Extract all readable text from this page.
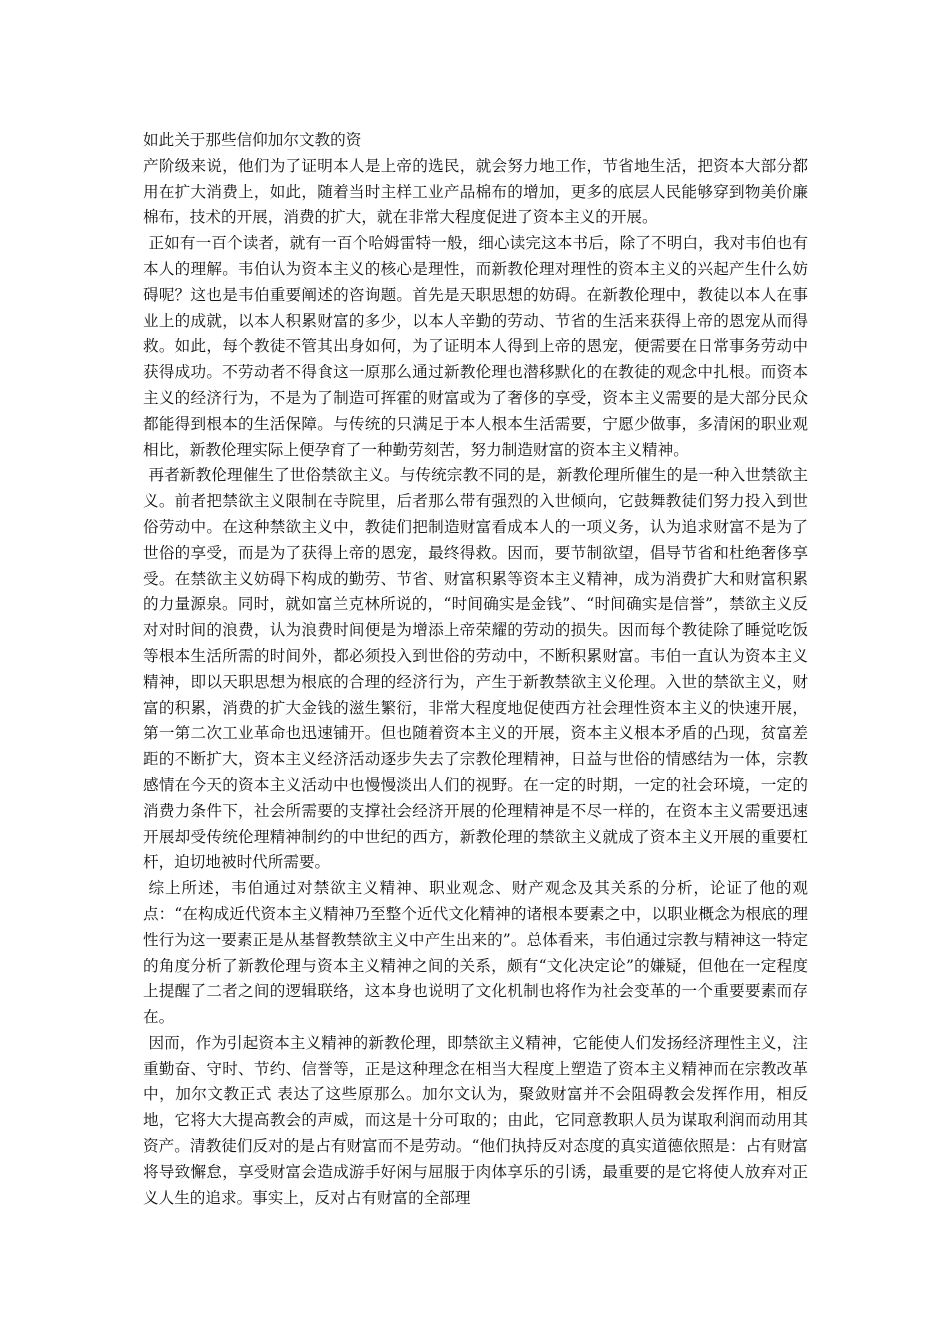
如此关于那些信仰加尔文教的资
产阶级来说，他们为了证明本人是上帝的选民，就会努力地工作，节省地生活，把资本大部分都用在扩大消费上，如此，随着当时主样工业产品棉布的增加，更多的底层人民能够穿到物美价廉棉布，技术的开展，消费的扩大，就在非常大程度促进了资本主义的开展。
正如有一百个读者，就有一百个哈姆雷特一般，细心读完这本书后，除了不明白，我对韦伯也有本人的理解。韦伯认为资本主义的核心是理性，而新教伦理对理性的资本主义的兴起产生什么妨碍呢？这也是韦伯重要阐述的咨询题。首先是天职思想的妨碍。在新教伦理中，教徒以本人在事业上的成就，以本人积累财富的多少，以本人辛勤的劳动、节省的生活来获得上帝的恩宠从而得救。如此，每个教徒不管其出身如何，为了证明本人得到上帝的恩宠，便需要在日常事务劳动中获得成功。不劳动者不得食这一原那么通过新教伦理也潜移默化的在教徒的观念中扎根。而资本主义的经济行为，不是为了制造可挥霍的财富或为了奢侈的享受，资本主义需要的是大部分民众都能得到根本的生活保障。与传统的只满足于本人根本生活需要，宁愿少做事，多清闲的职业观相比，新教伦理实际上便孕育了一种勤劳刻苦，努力制造财富的资本主义精神。
再者新教伦理催生了世俗禁欲主义。与传统宗教不同的是，新教伦理所催生的是一种入世禁欲主义。前者把禁欲主义限制在寺院里，后者那么带有强烈的入世倾向，它鼓舞教徒们努力投入到世俗劳动中。在这种禁欲主义中，教徒们把制造财富看成本人的一项义务，认为追求财富不是为了世俗的享受，而是为了获得上帝的恩宠，最终得救。因而，要节制欲望，倡导节省和杜绝奢侈享受。在禁欲主义妨碍下构成的勤劳、节省、财富积累等资本主义精神，成为消费扩大和财富积累的力量源泉。同时，就如富兰克林所说的，“时间确实是金钱”、“时间确实是信誉”，禁欲主义反对对时间的浪费，认为浪费时间便是为增添上帝荣耀的劳动的损失。因而每个教徒除了睡觉吃饭等根本生活所需的时间外，都必须投入到世俗的劳动中，不断积累财富。韦伯一直认为资本主义精神，即以天职思想为根底的合理的经济行为，产生于新教禁欲主义伦理。入世的禁欲主义，财富的积累，消费的扩大金钱的滋生繁衍，非常大程度地促使西方社会理性资本主义的快速开展，第一第二次工业革命也迅速铺开。但也随着资本主义的开展，资本主义根本矛盾的凸现，贫富差距的不断扩大，资本主义经济活动逐步失去了宗教伦理精神，日益与世俗的情感结为一体，宗教感情在今天的资本主义活动中也慢慢淡出人们的视野。在一定的时期，一定的社会环境，一定的消费力条件下，社会所需要的支撑社会经济开展的伦理精神是不尽一样的，在资本主义需要迅速开展却受传统伦理精神制约的中世纪的西方，新教伦理的禁欲主义就成了资本主义开展的重要杠杆，迫切地被时代所需要。
综上所述，韦伯通过对禁欲主义精神、职业观念、财产观念及其关系的分析，论证了他的观点：“在构成近代资本主义精神乃至整个近代文化精神的诸根本要素之中，以职业概念为根底的理性行为这一要素正是从基督教禁欲主义中产生出来的”。总体看来，韦伯通过宗教与精神这一特定的角度分析了新教伦理与资本主义精神之间的关系，颇有“文化决定论”的嫌疑，但他在一定程度上提醒了二者之间的逻辑联络，这本身也说明了文化机制也将作为社会变革的一个重要要素而存在。
因而，作为引起资本主义精神的新教伦理，即禁欲主义精神，它能使人们发扬经济理性主义，注重勤奋、守时、节约、信誉等，正是这种理念在相当大程度上塑造了资本主义精神而在宗教改革中，加尔文教正式 表达了这些原那么。加尔文认为，聚敛财富并不会阻碍教会发挥作用，相反地，它将大大提高教会的声威，而这是十分可取的；由此，它同意教职人员为谋取利润而动用其资产。清教徒们反对的是占有财富而不是劳动。“他们执持反对态度的真实道德依照是：占有财富将导致懈怠，享受财富会造成游手好闲与屈服于肉体享乐的引诱，最重要的是它将使人放弃对正义人生的追求。事实上，反对占有财富的全部理
